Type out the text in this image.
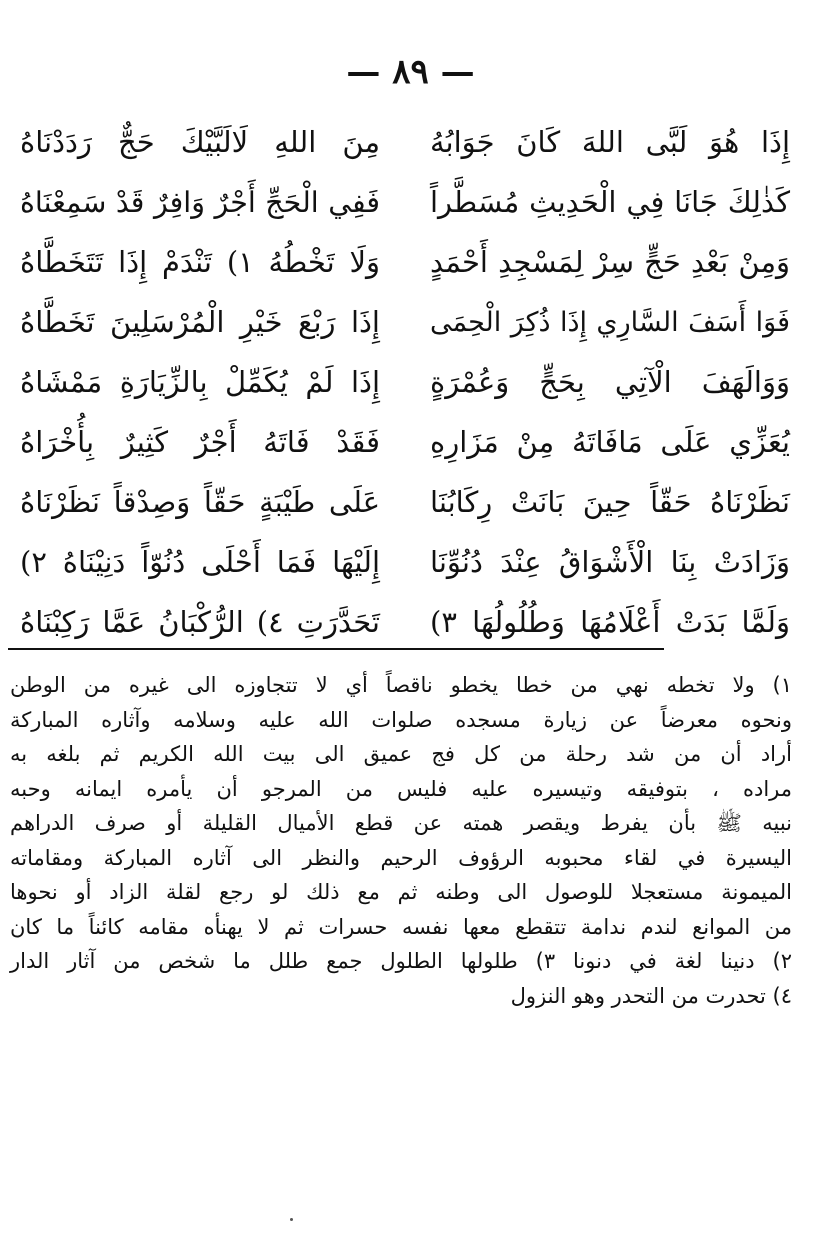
— ٨٩ —
إِذَا هُوَ لَبَّى اللهَ كَانَ جَوَابُهُ
مِنَ اللهِ لَالَبَّيْكَ حَجٌّ رَدَدْنَاهُ
كَذٰلِكَ جَانَا فِي الْحَدِيثِ مُسَطَّراً
فَفِي الْحَجِّ أَجْرٌ وَافِرٌ قَدْ سَمِعْنَاهُ
وَمِنْ بَعْدِ حَجٍّ سِرْ لِمَسْجِدِ أَحْمَدٍ
وَلَا تَخْطُهُ ١) تَنْدَمْ إِذَا تَتَخَطَّاهُ
فَوَا أَسَفَ السَّارِي إِذَا ذُكِرَ الْحِمَى
إِذَا رَبْعَ خَيْرِ الْمُرْسَلِينَ تَخَطَّاهُ
وَوَالَهَفَ الْآتِي بِحَجٍّ وَعُمْرَةٍ
إِذَا لَمْ يُكَمِّلْ بِالزِّيَارَةِ مَمْشَاهُ
يُعَزِّي عَلَى مَافَاتَهُ مِنْ مَزَارِهِ
فَقَدْ فَاتَهُ أَجْرٌ كَثِيرٌ بِأُخْرَاهُ
نَظَرْنَاهُ حَقّاً حِينَ بَانَتْ رِكَابُنَا
عَلَى طَيْبَةٍ حَقّاً وَصِدْقاً نَظَرْنَاهُ
وَزَادَتْ بِنَا الْأَشْوَاقُ عِنْدَ دُنُوِّنَا
إِلَيْهَا فَمَا أَحْلَى دُنُوّاً دَنِيْنَاهُ ٢)
وَلَمَّا بَدَتْ أَعْلَامُهَا وَطُلُولُهَا ٣)
تَحَدَّرَتِ ٤) الرُّكْبَانُ عَمَّا رَكِبْنَاهُ
١) ولا تخطه نهي من خطا يخطو ناقصاً أي لا تتجاوزه الى غيره من الوطن
ونحوه معرضاً عن زيارة مسجده صلوات الله عليه وسلامه وآثاره المباركة
أراد أن من شد رحلة من كل فج عميق الى بيت الله الكريم ثم بلغه به
مراده ، بتوفيقه وتيسيره عليه فليس من المرجو أن يأمره ايمانه وحبه
نبيه ﷺ بأن يفرط ويقصر همته عن قطع الأميال القليلة أو صرف الدراهم
اليسيرة في لقاء محبوبه الرؤوف الرحيم والنظر الى آثاره المباركة ومقاماته
الميمونة مستعجلا للوصول الى وطنه ثم مع ذلك لو رجع لقلة الزاد أو نحوها
من الموانع لندم ندامة تتقطع معها نفسه حسرات ثم لا يهنأه مقامه كائناً ما كان
٢) دنينا لغة في دنونا ٣) طلولها الطلول جمع طلل ما شخص من آثار الدار
٤) تحدرت من التحدر وهو النزول
